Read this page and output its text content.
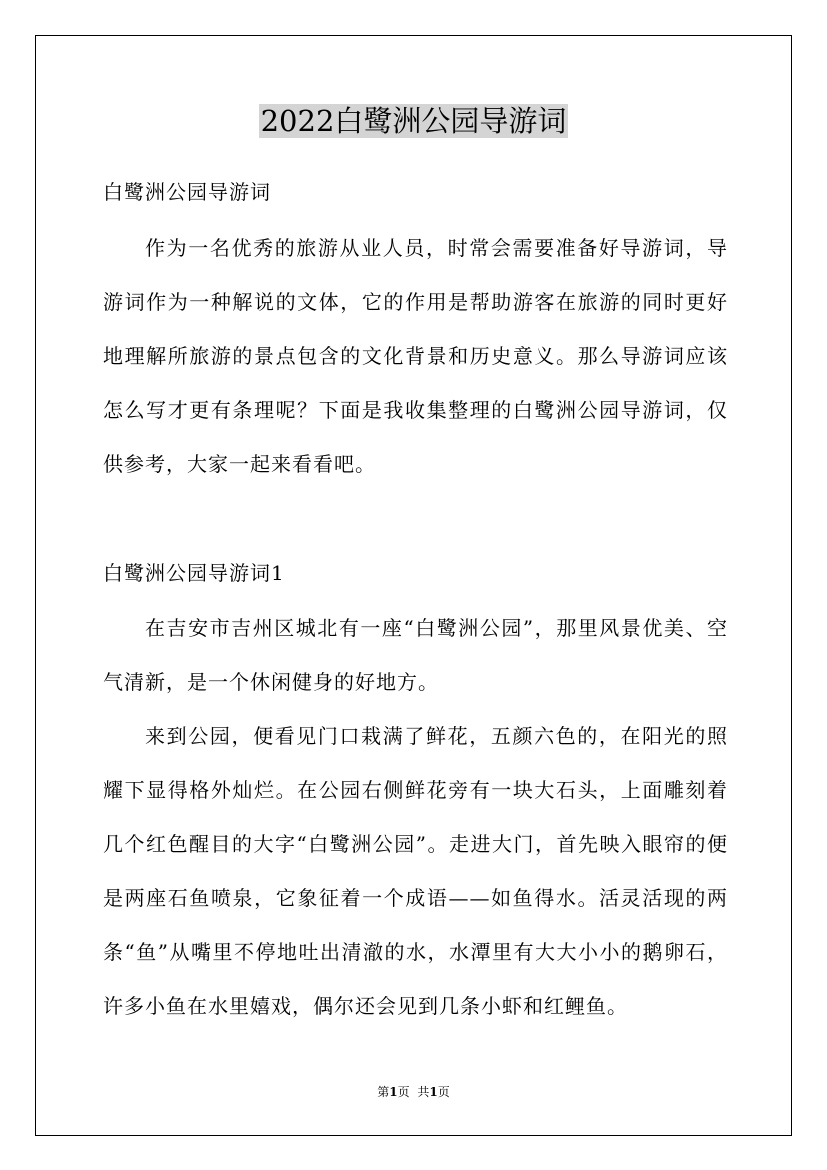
2022白鹭洲公园导游词
白鹭洲公园导游词
作为一名优秀的旅游从业人员，时常会需要准备好导游词，导游词作为一种解说的文体，它的作用是帮助游客在旅游的同时更好地理解所旅游的景点包含的文化背景和历史意义。那么导游词应该怎么写才更有条理呢？下面是我收集整理的白鹭洲公园导游词，仅供参考，大家一起来看看吧。
白鹭洲公园导游词1
在吉安市吉州区城北有一座“白鹭洲公园”，那里风景优美、空气清新，是一个休闲健身的好地方。
来到公园，便看见门口栽满了鲜花，五颜六色的，在阳光的照耀下显得格外灿烂。在公园右侧鲜花旁有一块大石头，上面雕刻着几个红色醒目的大字“白鹭洲公园”。走进大门，首先映入眼帘的便是两座石鱼喷泉，它象征着一个成语——如鱼得水。活灵活现的两条“鱼”从嘴里不停地吐出清澈的水，水潭里有大大小小的鹅卵石，许多小鱼在水里嬉戏，偶尔还会见到几条小虾和红鲤鱼。
第1页 共1页
